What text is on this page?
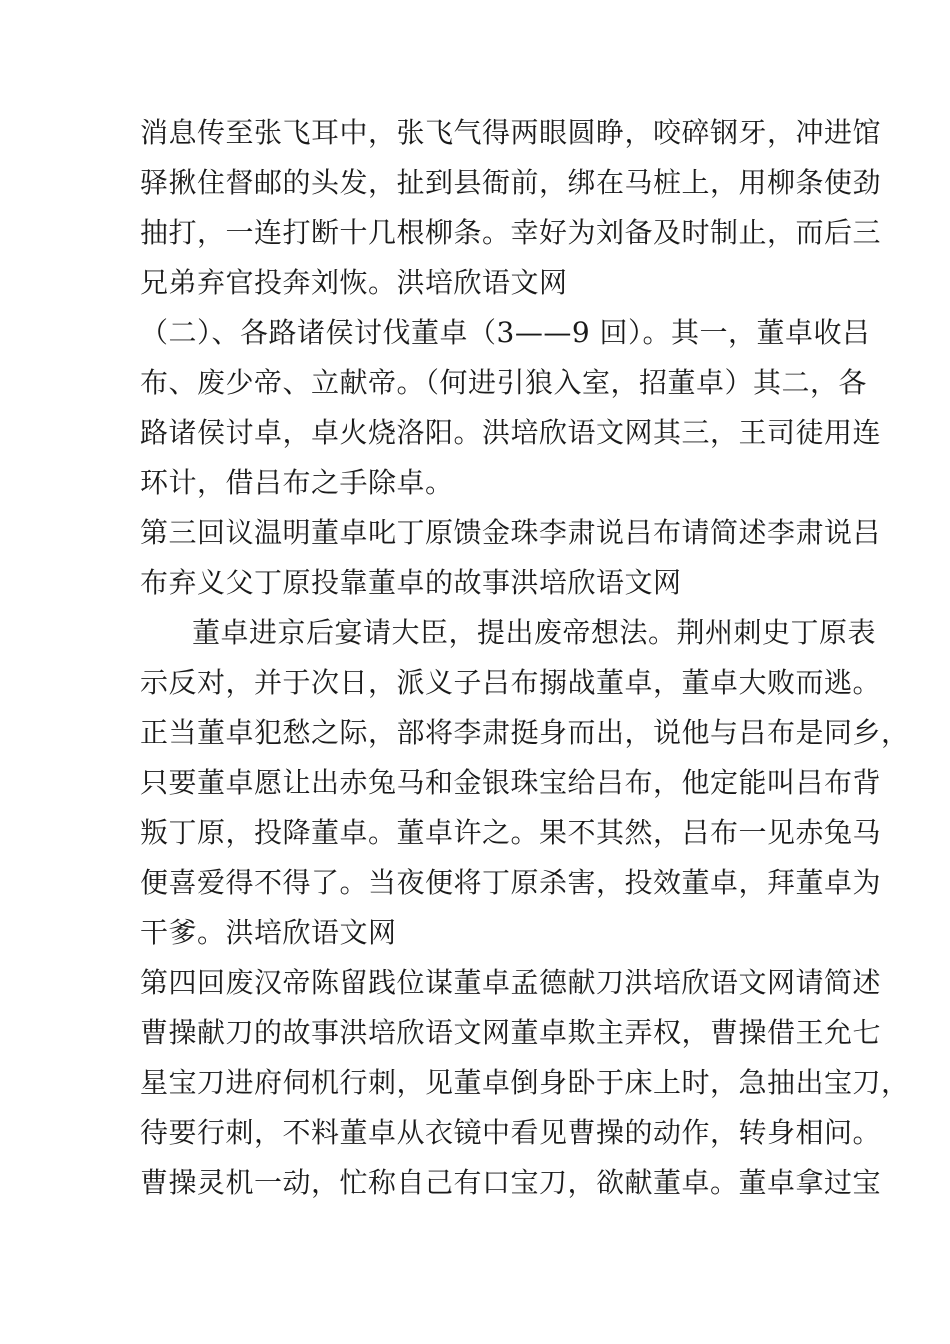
消息传至张飞耳中，张飞气得两眼圆睁，咬碎钢牙，冲进馆
驿揪住督邮的头发，扯到县衙前，绑在马桩上，用柳条使劲
抽打，一连打断十几根柳条。幸好为刘备及时制止，而后三
兄弟弃官投奔刘恢。洪培欣语文网
（二）、各路诸侯讨伐董卓（3——9 回）。其一，董卓收吕
布、废少帝、立献帝。（何进引狼入室，招董卓）其二，各
路诸侯讨卓，卓火烧洛阳。洪培欣语文网其三，王司徒用连
环计，借吕布之手除卓。
第三回议温明董卓叱丁原馈金珠李肃说吕布请简述李肃说吕
布弃义父丁原投靠董卓的故事洪培欣语文网
董卓进京后宴请大臣，提出废帝想法。荆州刺史丁原表
示反对，并于次日，派义子吕布搦战董卓，董卓大败而逃。
正当董卓犯愁之际，部将李肃挺身而出，说他与吕布是同乡，
只要董卓愿让出赤兔马和金银珠宝给吕布，他定能叫吕布背
叛丁原，投降董卓。董卓许之。果不其然，吕布一见赤兔马
便喜爱得不得了。当夜便将丁原杀害，投效董卓，拜董卓为
干爹。洪培欣语文网
第四回废汉帝陈留践位谋董卓孟德献刀洪培欣语文网请简述
曹操献刀的故事洪培欣语文网董卓欺主弄权，曹操借王允七
星宝刀进府伺机行刺，见董卓倒身卧于床上时，急抽出宝刀，
待要行刺，不料董卓从衣镜中看见曹操的动作，转身相问。
曹操灵机一动，忙称自己有口宝刀，欲献董卓。董卓拿过宝
